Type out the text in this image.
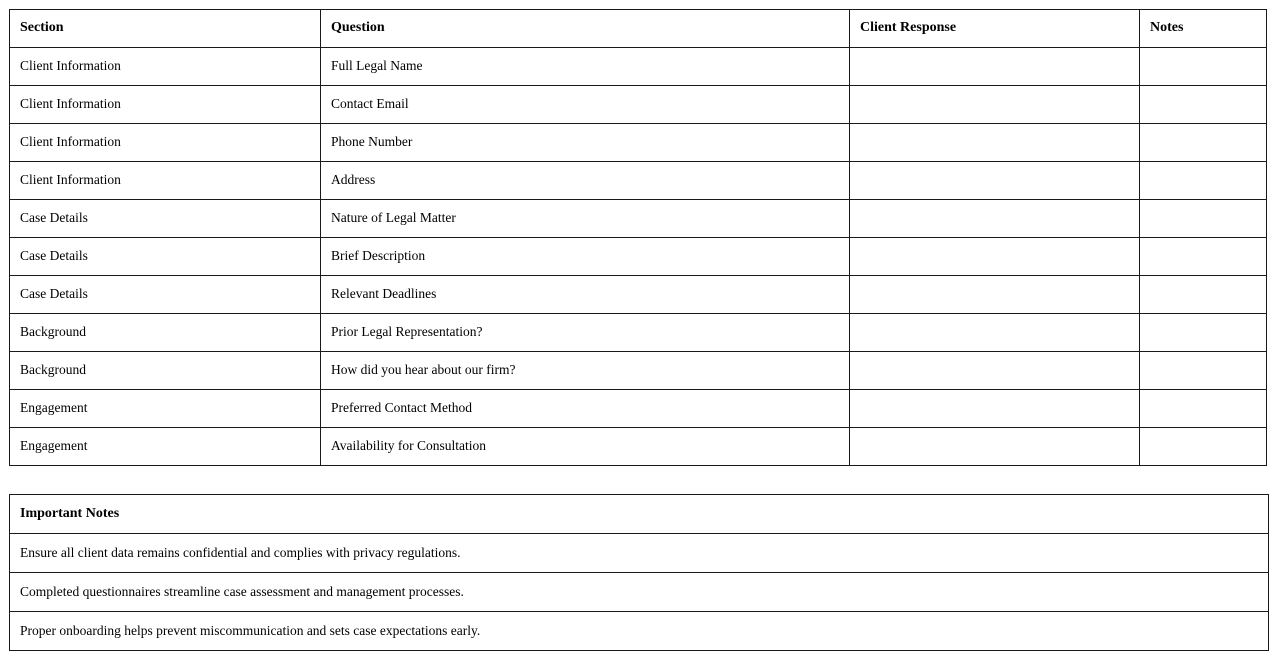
Section	Question	Client Response	Notes
Client Information	Full Legal Name		
Client Information	Contact Email		
Client Information	Phone Number		
Client Information	Address		
Case Details	Nature of Legal Matter		
Case Details	Brief Description		
Case Details	Relevant Deadlines		
Background	Prior Legal Representation?		
Background	How did you hear about our firm?		
Engagement	Preferred Contact Method		
Engagement	Availability for Consultation		
Important Notes
Ensure all client data remains confidential and complies with privacy regulations.
Completed questionnaires streamline case assessment and management processes.
Proper onboarding helps prevent miscommunication and sets case expectations early.
